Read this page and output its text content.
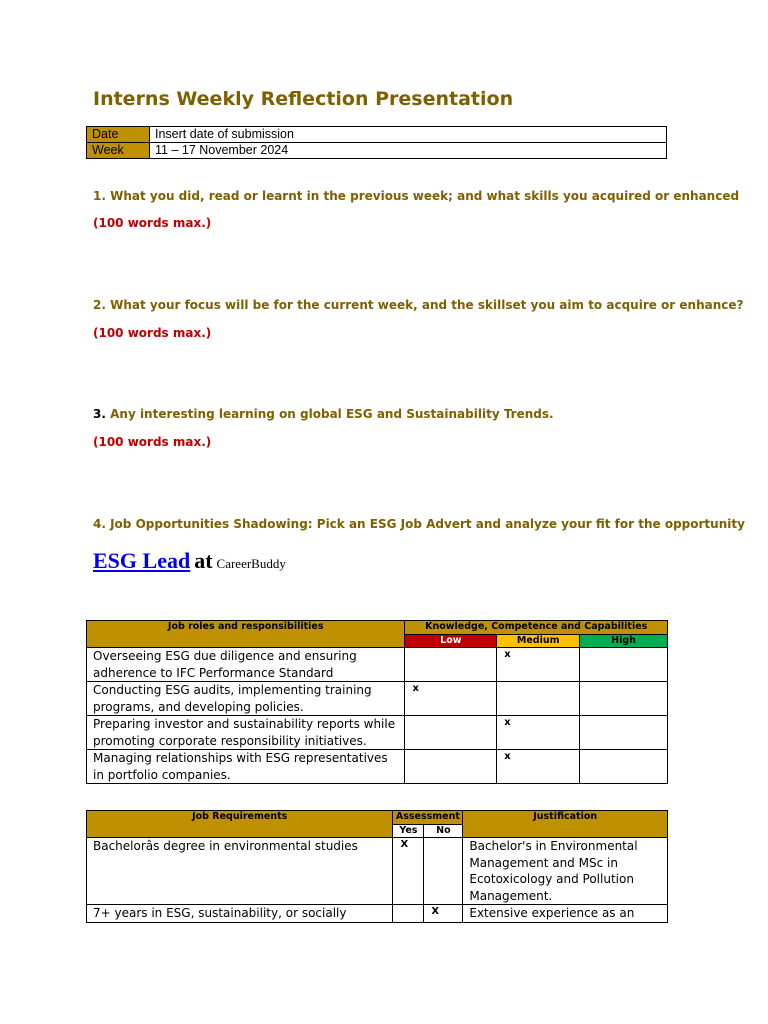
Interns Weekly Reflection Presentation
Date	Insert date of submission
Week	11 – 17 November 2024

1. What you did, read or learnt in the previous week; and what skills you acquired or enhanced

(100 words max.)

2. What your focus will be for the current week, and the skillset you aim to acquire or enhance?

(100 words max.)

3. Any interesting learning on global ESG and Sustainability Trends.

(100 words max.)

4. Job Opportunities Shadowing: Pick an ESG Job Advert and analyze your fit for the opportunity

ESG Lead at CareerBuddy

Job roles and responsibilities	Knowledge, Competence and Capabilities		
	Low	Medium	High
Overseeing ESG due diligence and ensuring adherence to IFC Performance Standard		x	
Conducting ESG audits, implementing training programs, and developing policies.	x		
Preparing investor and sustainability reports while promoting corporate responsibility initiatives.		x	
Managing relationships with ESG representatives in portfolio companies.		x	
Job Requirements	Assessment		Justification
	Yes	No	
Bachelorâs degree in environmental studies	X		Bachelor's in Environmental Management and MSc in Ecotoxicology and Pollution Management.
7+ years in ESG, sustainability, or socially		X	Extensive experience as an
